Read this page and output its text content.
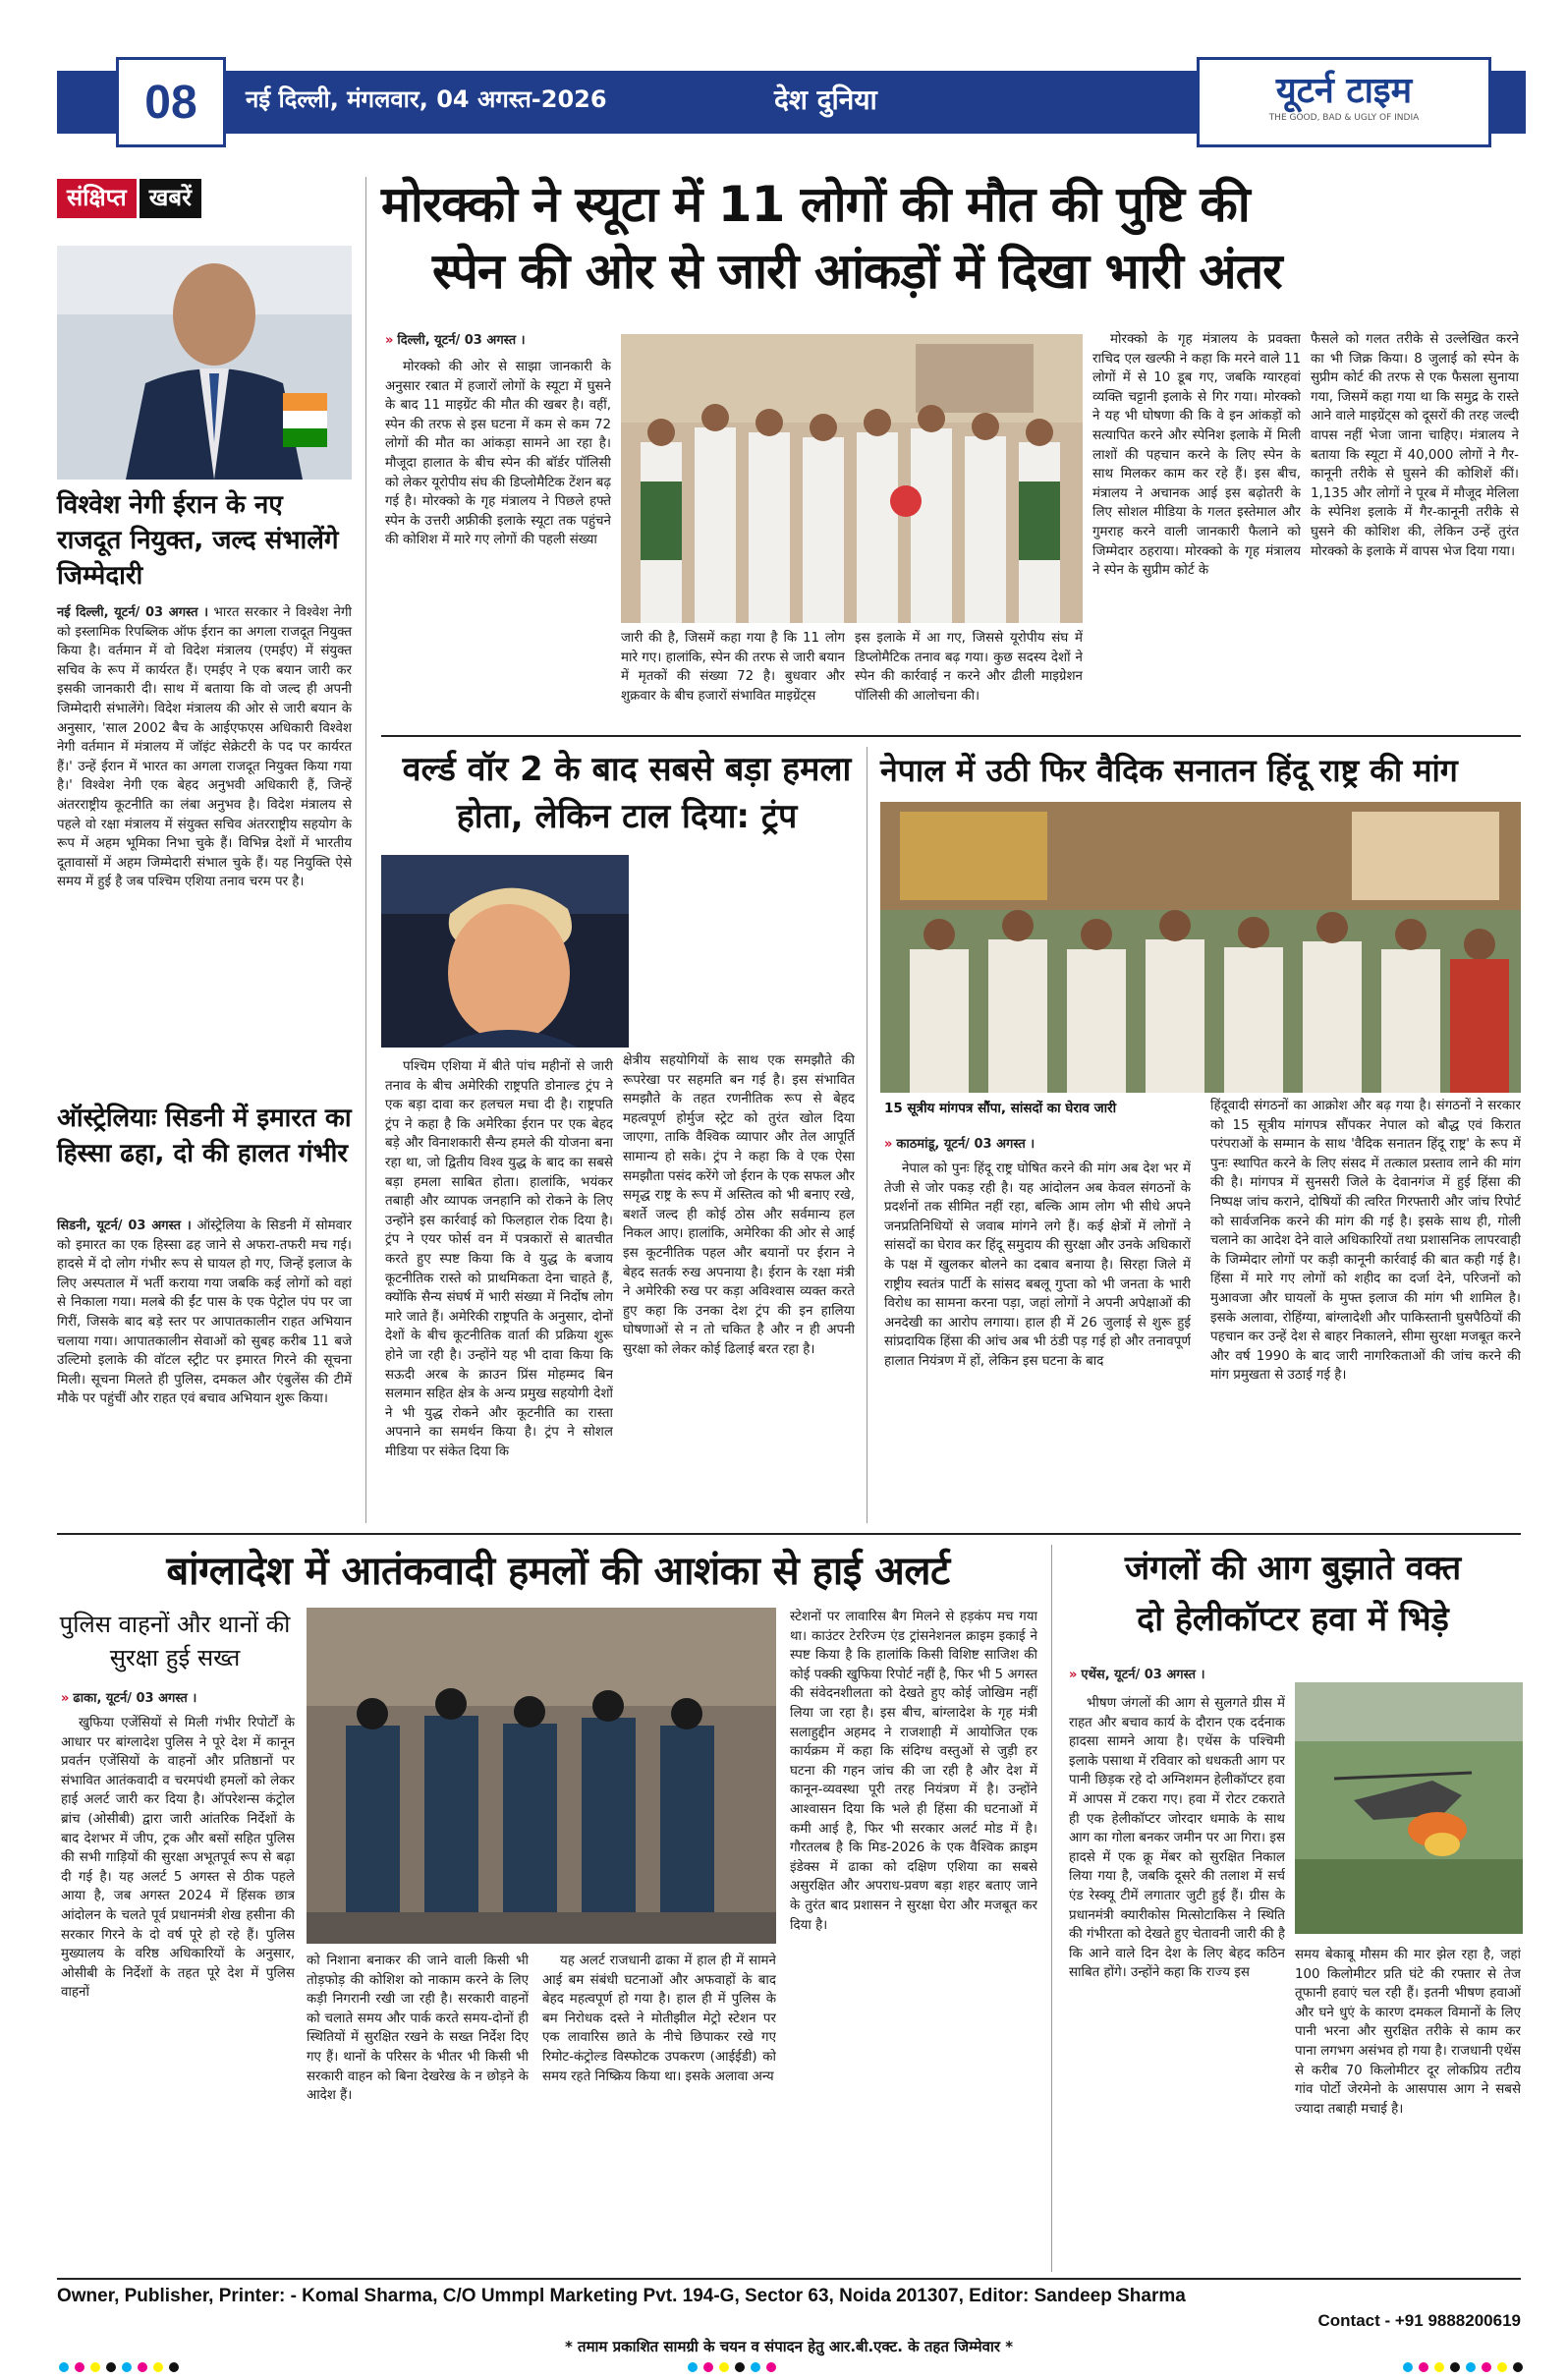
08 नई दिल्ली, मंगलवार, 04 अगस्त-2026	देश दुनिया	यूटर्न टाइम
THE GOOD, BAD & UGLY OF INDIA
संक्षिप्त खबरें
विश्वेश नेगी ईरान के नए राजदूत नियुक्त, जल्द संभालेंगे जिम्मेदारी
नई दिल्ली, यूटर्न/ 03 अगस्त । भारत सरकार ने विश्वेश नेगी को इस्लामिक रिपब्लिक ऑफ ईरान का अगला राजदूत नियुक्त किया है। वर्तमान में वो विदेश मंत्रालय (एमईए) में संयुक्त सचिव के रूप में कार्यरत हैं। एमईए ने एक बयान जारी कर इसकी जानकारी दी। साथ में बताया कि वो जल्द ही अपनी जिम्मेदारी संभालेंगे। विदेश मंत्रालय की ओर से जारी बयान के अनुसार, 'साल 2002 बैच के आईएफएस अधिकारी विश्वेश नेगी वर्तमान में मंत्रालय में जॉइंट सेक्रेटरी के पद पर कार्यरत हैं।' उन्हें ईरान में भारत का अगला राजदूत नियुक्त किया गया है।' विश्वेश नेगी एक बेहद अनुभवी अधिकारी हैं, जिन्हें अंतरराष्ट्रीय कूटनीति का लंबा अनुभव है। विदेश मंत्रालय से पहले वो रक्षा मंत्रालय में संयुक्त सचिव अंतरराष्ट्रीय सहयोग के रूप में अहम भूमिका निभा चुके हैं। विभिन्न देशों में भारतीय दूतावासों में अहम जिम्मेदारी संभाल चुके हैं। यह नियुक्ति ऐसे समय में हुई है जब पश्चिम एशिया तनाव चरम पर है।
ऑस्ट्रेलियाः सिडनी में इमारत का हिस्सा ढहा, दो की हालत गंभीर
सिडनी, यूटर्न/ 03 अगस्त । ऑस्ट्रेलिया के सिडनी में सोमवार को इमारत का एक हिस्सा ढह जाने से अफरा-तफरी मच गई। हादसे में दो लोग गंभीर रूप से घायल हो गए, जिन्हें इलाज के लिए अस्पताल में भर्ती कराया गया जबकि कई लोगों को वहां से निकाला गया। मलबे की ईंट पास के एक पेट्रोल पंप पर जा गिरीं, जिसके बाद बड़े स्तर पर आपातकालीन राहत अभियान चलाया गया। आपातकालीन सेवाओं को सुबह करीब 11 बजे उल्टिमो इलाके की वॉटल स्ट्रीट पर इमारत गिरने की सूचना मिली। सूचना मिलते ही पुलिस, दमकल और एंबुलेंस की टीमें मौके पर पहुंचीं और राहत एवं बचाव अभियान शुरू किया।
मोरक्को ने स्यूटा में 11 लोगों की मौत की पुष्टि की
स्पेन की ओर से जारी आंकड़ों में दिखा भारी अंतर
» दिल्ली, यूटर्न/ 03 अगस्त ।

मोरक्को की ओर से साझा जानकारी के अनुसार रबात में हजारों लोगों के स्यूटा में घुसने के बाद 11 माइग्रेंट की मौत की खबर है। वहीं, स्पेन की तरफ से इस घटना में कम से कम 72 लोगों की मौत का आंकड़ा सामने आ रहा है। मौजूदा हालात के बीच स्पेन की बॉर्डर पॉलिसी को लेकर यूरोपीय संघ की डिप्लोमैटिक टेंशन बढ़ गई है। मोरक्को के गृह मंत्रालय ने पिछले हफ्ते स्पेन के उत्तरी अफ्रीकी इलाके स्यूटा तक पहुंचने की कोशिश में मारे गए लोगों की पहली संख्या

जारी की है, जिसमें कहा गया है कि 11 लोग मारे गए। हालांकि, स्पेन की तरफ से जारी बयान में मृतकों की संख्या 72 है। बुधवार और शुक्रवार के बीच हजारों संभावित माइग्रेंट्स

इस इलाके में आ गए, जिससे यूरोपीय संघ में डिप्लोमैटिक तनाव बढ़ गया। कुछ सदस्य देशों ने स्पेन की कार्रवाई न करने और ढीली माइग्रेशन पॉलिसी की आलोचना की।

मोरक्को के गृह मंत्रालय के प्रवक्ता राचिद एल खल्फी ने कहा कि मरने वाले 11 लोगों में से 10 डूब गए, जबकि ग्यारहवां व्यक्ति चट्टानी इलाके से गिर गया। मोरक्को ने यह भी घोषणा की कि वे इन आंकड़ों को सत्यापित करने और स्पेनिश इलाके में मिली लाशों की पहचान करने के लिए स्पेन के साथ मिलकर काम कर रहे हैं। इस बीच, मंत्रालय ने अचानक आई इस बढ़ोतरी के लिए सोशल मीडिया के गलत इस्तेमाल और गुमराह करने वाली जानकारी फैलाने को जिम्मेदार ठहराया। मोरक्को के गृह मंत्रालय ने स्पेन के सुप्रीम कोर्ट के

फैसले को गलत तरीके से उल्लेखित करने का भी जिक्र किया। 8 जुलाई को स्पेन के सुप्रीम कोर्ट की तरफ से एक फैसला सुनाया गया, जिसमें कहा गया था कि समुद्र के रास्ते आने वाले माइग्रेंट्स को दूसरों की तरह जल्दी वापस नहीं भेजा जाना चाहिए। मंत्रालय ने बताया कि स्यूटा में 40,000 लोगों ने गैर-कानूनी तरीके से घुसने की कोशिशें कीं। 1,135 और लोगों ने पूरब में मौजूद मेलिला के स्पेनिश इलाके में गैर-कानूनी तरीके से घुसने की कोशिश की, लेकिन उन्हें तुरंत मोरक्को के इलाके में वापस भेज दिया गया।

वर्ल्ड वॉर 2 के बाद सबसे बड़ा हमला
होता, लेकिन टाल दिया: ट्रंप

पश्चिम एशिया में बीते पांच महीनों से जारी तनाव के बीच अमेरिकी राष्ट्रपति डोनाल्ड ट्रंप ने एक बड़ा दावा कर हलचल मचा दी है। राष्ट्रपति ट्रंप ने कहा है कि अमेरिका ईरान पर एक बेहद बड़े और विनाशकारी सैन्य हमले की योजना बना रहा था, जो द्वितीय विश्व युद्ध के बाद का सबसे बड़ा हमला साबित होता। हालांकि, भयंकर तबाही और व्यापक जनहानि को रोकने के लिए उन्होंने इस कार्रवाई को फिलहाल रोक दिया है। ट्रंप ने एयर फोर्स वन में पत्रकारों से बातचीत करते हुए स्पष्ट किया कि वे युद्ध के बजाय कूटनीतिक रास्ते को प्राथमिकता देना चाहते हैं, क्योंकि सैन्य संघर्ष में भारी संख्या में निर्दोष लोग मारे जाते हैं। अमेरिकी राष्ट्रपति के अनुसार, दोनों देशों के बीच कूटनीतिक वार्ता की प्रक्रिया शुरू होने जा रही है। उन्होंने यह भी दावा किया कि सऊदी अरब के क्राउन प्रिंस मोहम्मद बिन सलमान सहित क्षेत्र के अन्य प्रमुख सहयोगी देशों ने भी युद्ध रोकने और कूटनीति का रास्ता अपनाने का समर्थन किया है। ट्रंप ने सोशल मीडिया पर संकेत दिया कि

क्षेत्रीय सहयोगियों के साथ एक समझौते की रूपरेखा पर सहमति बन गई है। इस संभावित समझौते के तहत रणनीतिक रूप से बेहद महत्वपूर्ण होर्मुज स्ट्रेट को तुरंत खोल दिया जाएगा, ताकि वैश्विक व्यापार और तेल आपूर्ति सामान्य हो सके। ट्रंप ने कहा कि वे एक ऐसा समझौता पसंद करेंगे जो ईरान के एक सफल और समृद्ध राष्ट्र के रूप में अस्तित्व को भी बनाए रखे, बशर्ते जल्द ही कोई ठोस और सर्वमान्य हल निकल आए। हालांकि, अमेरिका की ओर से आई इस कूटनीतिक पहल और बयानों पर ईरान ने बेहद सतर्क रुख अपनाया है। ईरान के रक्षा मंत्री ने अमेरिकी रुख पर कड़ा अविश्वास व्यक्त करते हुए कहा कि उनका देश ट्रंप की इन हालिया घोषणाओं से न तो चकित है और न ही अपनी सुरक्षा को लेकर कोई ढिलाई बरत रहा है।

नेपाल में उठी फिर वैदिक सनातन हिंदू राष्ट्र की मांग
15 सूत्रीय मांगपत्र सौंपा, सांसदों का घेराव जारी
» काठमांडू, यूटर्न/ 03 अगस्त ।

नेपाल को पुनः हिंदू राष्ट्र घोषित करने की मांग अब देश भर में तेजी से जोर पकड़ रही है। यह आंदोलन अब केवल संगठनों के प्रदर्शनों तक सीमित नहीं रहा, बल्कि आम लोग भी सीधे अपने जनप्रतिनिधियों से जवाब मांगने लगे हैं। कई क्षेत्रों में लोगों ने सांसदों का घेराव कर हिंदू समुदाय की सुरक्षा और उनके अधिकारों के पक्ष में खुलकर बोलने का दबाव बनाया है। सिरहा जिले में राष्ट्रीय स्वतंत्र पार्टी के सांसद बबलू गुप्ता को भी जनता के भारी विरोध का सामना करना पड़ा, जहां लोगों ने अपनी अपेक्षाओं की अनदेखी का आरोप लगाया। हाल ही में 26 जुलाई से शुरू हुई सांप्रदायिक हिंसा की आंच अब भी ठंडी पड़ गई हो और तनावपूर्ण हालात नियंत्रण में हों, लेकिन इस घटना के बाद

हिंदूवादी संगठनों का आक्रोश और बढ़ गया है। संगठनों ने सरकार को 15 सूत्रीय मांगपत्र सौंपकर नेपाल को बौद्ध एवं किरात परंपराओं के सम्मान के साथ 'वैदिक सनातन हिंदू राष्ट्र' के रूप में पुनः स्थापित करने के लिए संसद में तत्काल प्रस्ताव लाने की मांग की है। मांगपत्र में सुनसरी जिले के देवानगंज में हुई हिंसा की निष्पक्ष जांच कराने, दोषियों की त्वरित गिरफ्तारी और जांच रिपोर्ट को सार्वजनिक करने की मांग की गई है। इसके साथ ही, गोली चलाने का आदेश देने वाले अधिकारियों तथा प्रशासनिक लापरवाही के जिम्मेदार लोगों पर कड़ी कानूनी कार्रवाई की बात कही गई है। हिंसा में मारे गए लोगों को शहीद का दर्जा देने, परिजनों को मुआवजा और घायलों के मुफ्त इलाज की मांग भी शामिल है। इसके अलावा, रोहिंग्या, बांग्लादेशी और पाकिस्तानी घुसपैठियों की पहचान कर उन्हें देश से बाहर निकालने, सीमा सुरक्षा मजबूत करने और वर्ष 1990 के बाद जारी नागरिकताओं की जांच करने की मांग प्रमुखता से उठाई गई है।

बांग्लादेश में आतंकवादी हमलों की आशंका से हाई अलर्ट
पुलिस वाहनों और थानों की सुरक्षा हुई सख्त
» ढाका, यूटर्न/ 03 अगस्त ।

खुफिया एजेंसियों से मिली गंभीर रिपोर्टों के आधार पर बांग्लादेश पुलिस ने पूरे देश में कानून प्रवर्तन एजेंसियों के वाहनों और प्रतिष्ठानों पर संभावित आतंकवादी व चरमपंथी हमलों को लेकर हाई अलर्ट जारी कर दिया है। ऑपरेशन्स कंट्रोल ब्रांच (ओसीबी) द्वारा जारी आंतरिक निर्देशों के बाद देशभर में जीप, ट्रक और बसों सहित पुलिस की सभी गाड़ियों की सुरक्षा अभूतपूर्व रूप से बढ़ा दी गई है। यह अलर्ट 5 अगस्त से ठीक पहले आया है, जब अगस्त 2024 में हिंसक छात्र आंदोलन के चलते पूर्व प्रधानमंत्री शेख हसीना की सरकार गिरने के दो वर्ष पूरे हो रहे हैं। पुलिस मुख्यालय के वरिष्ठ अधिकारियों के अनुसार, ओसीबी के निर्देशों के तहत पूरे देश में पुलिस वाहनों

को निशाना बनाकर की जाने वाली किसी भी तोड़फोड़ की कोशिश को नाकाम करने के लिए कड़ी निगरानी रखी जा रही है। सरकारी वाहनों को चलाते समय और पार्क करते समय-दोनों ही स्थितियों में सुरक्षित रखने के सख्त निर्देश दिए गए हैं। थानों के परिसर के भीतर भी किसी भी सरकारी वाहन को बिना देखरेख के न छोड़ने के आदेश हैं।

यह अलर्ट राजधानी ढाका में हाल ही में सामने आई बम संबंधी घटनाओं और अफवाहों के बाद बेहद महत्वपूर्ण हो गया है। हाल ही में पुलिस के बम निरोधक दस्ते ने मोतीझील मेट्रो स्टेशन पर एक लावारिस छाते के नीचे छिपाकर रखे गए रिमोट-कंट्रोल्ड विस्फोटक उपकरण (आईईडी) को समय रहते निष्क्रिय किया था। इसके अलावा अन्य

स्टेशनों पर लावारिस बैग मिलने से हड़कंप मच गया था। काउंटर टेररिज्म एंड ट्रांसनेशनल क्राइम इकाई ने स्पष्ट किया है कि हालांकि किसी विशिष्ट साजिश की कोई पक्की खुफिया रिपोर्ट नहीं है, फिर भी 5 अगस्त की संवेदनशीलता को देखते हुए कोई जोखिम नहीं लिया जा रहा है। इस बीच, बांग्लादेश के गृह मंत्री सलाहुद्दीन अहमद ने राजशाही में आयोजित एक कार्यक्रम में कहा कि संदिग्ध वस्तुओं से जुड़ी हर घटना की गहन जांच की जा रही है और देश में कानून-व्यवस्था पूरी तरह नियंत्रण में है। उन्होंने आश्वासन दिया कि भले ही हिंसा की घटनाओं में कमी आई है, फिर भी सरकार अलर्ट मोड में है। गौरतलब है कि मिड-2026 के एक वैश्विक क्राइम इंडेक्स में ढाका को दक्षिण एशिया का सबसे असुरक्षित और अपराध-प्रवण बड़ा शहर बताए जाने के तुरंत बाद प्रशासन ने सुरक्षा घेरा और मजबूत कर दिया है।

जंगलों की आग बुझाते वक्त
दो हेलीकॉप्टर हवा में भिड़े
» एथेंस, यूटर्न/ 03 अगस्त ।

भीषण जंगलों की आग से सुलगते ग्रीस में राहत और बचाव कार्य के दौरान एक दर्दनाक हादसा सामने आया है। एथेंस के पश्चिमी इलाके पसाथा में रविवार को धधकती आग पर पानी छिड़क रहे दो अग्निशमन हेलीकॉप्टर हवा में आपस में टकरा गए। हवा में रोटर टकराते ही एक हेलीकॉप्टर जोरदार धमाके के साथ आग का गोला बनकर जमीन पर आ गिरा। इस हादसे में एक क्रू मेंबर को सुरक्षित निकाल लिया गया है, जबकि दूसरे की तलाश में सर्च एंड रेस्क्यू टीमें लगातार जुटी हुई हैं। ग्रीस के प्रधानमंत्री क्यारीकोस मित्सोटाकिस ने स्थिति की गंभीरता को देखते हुए चेतावनी जारी की है कि आने वाले दिन देश के लिए बेहद कठिन साबित होंगे। उन्होंने कहा कि राज्य इस

समय बेकाबू मौसम की मार झेल रहा है, जहां 100 किलोमीटर प्रति घंटे की रफ्तार से तेज तूफानी हवाएं चल रही हैं। इतनी भीषण हवाओं और घने धुएं के कारण दमकल विमानों के लिए पानी भरना और सुरक्षित तरीके से काम कर पाना लगभग असंभव हो गया है। राजधानी एथेंस से करीब 70 किलोमीटर दूर लोकप्रिय तटीय गांव पोर्टो जेरमेनो के आसपास आग ने सबसे ज्यादा तबाही मचाई है।

Owner, Publisher, Printer: - Komal Sharma, C/O Ummpl Marketing Pvt. 194-G, Sector 63, Noida 201307, Editor: Sandeep Sharma
Contact - +91 9888200619
* तमाम प्रकाशित सामग्री के चयन व संपादन हेतु आर.बी.एक्ट. के तहत जिम्मेवार *
